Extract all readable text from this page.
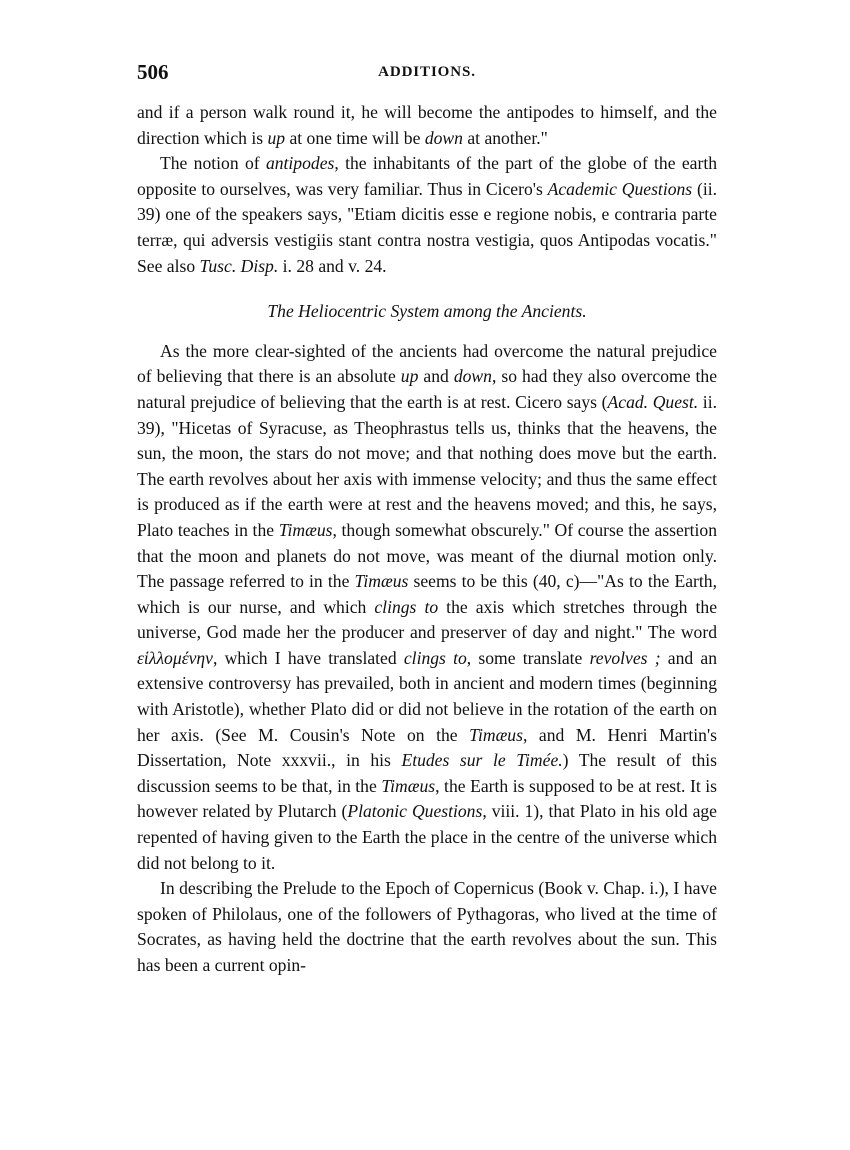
506	ADDITIONS.

and if a person walk round it, he will become the antipodes to himself, and the direction which is up at one time will be down at another."

The notion of antipodes, the inhabitants of the part of the globe of the earth opposite to ourselves, was very familiar. Thus in Cicero's Academic Questions (ii. 39) one of the speakers says, "Etiam dicitis esse e regione nobis, e contraria parte terræ, qui adversis vestigiis stant contra nostra vestigia, quos Antipodas vocatis." See also Tusc. Disp. i. 28 and v. 24.

The Heliocentric System among the Ancients.

As the more clear-sighted of the ancients had overcome the natural prejudice of believing that there is an absolute up and down, so had they also overcome the natural prejudice of believing that the earth is at rest. Cicero says (Acad. Quest. ii. 39), "Hicetas of Syracuse, as Theophrastus tells us, thinks that the heavens, the sun, the moon, the stars do not move; and that nothing does move but the earth. The earth revolves about her axis with immense velocity; and thus the same effect is produced as if the earth were at rest and the heavens moved; and this, he says, Plato teaches in the Timæus, though somewhat obscurely." Of course the assertion that the moon and planets do not move, was meant of the diurnal motion only. The passage referred to in the Timæus seems to be this (40, c)—"As to the Earth, which is our nurse, and which clings to the axis which stretches through the universe, God made her the producer and preserver of day and night." The word εἱλλομένην, which I have translated clings to, some translate revolves ; and an extensive controversy has prevailed, both in ancient and modern times (beginning with Aristotle), whether Plato did or did not believe in the rotation of the earth on her axis. (See M. Cousin's Note on the Timæus, and M. Henri Martin's Dissertation, Note xxxvii., in his Etudes sur le Timée.) The result of this discussion seems to be that, in the Timæus, the Earth is supposed to be at rest. It is however related by Plutarch (Platonic Questions, viii. 1), that Plato in his old age repented of having given to the Earth the place in the centre of the universe which did not belong to it.

In describing the Prelude to the Epoch of Copernicus (Book v. Chap. i.), I have spoken of Philolaus, one of the followers of Pythagoras, who lived at the time of Socrates, as having held the doctrine that the earth revolves about the sun. This has been a current opin-
